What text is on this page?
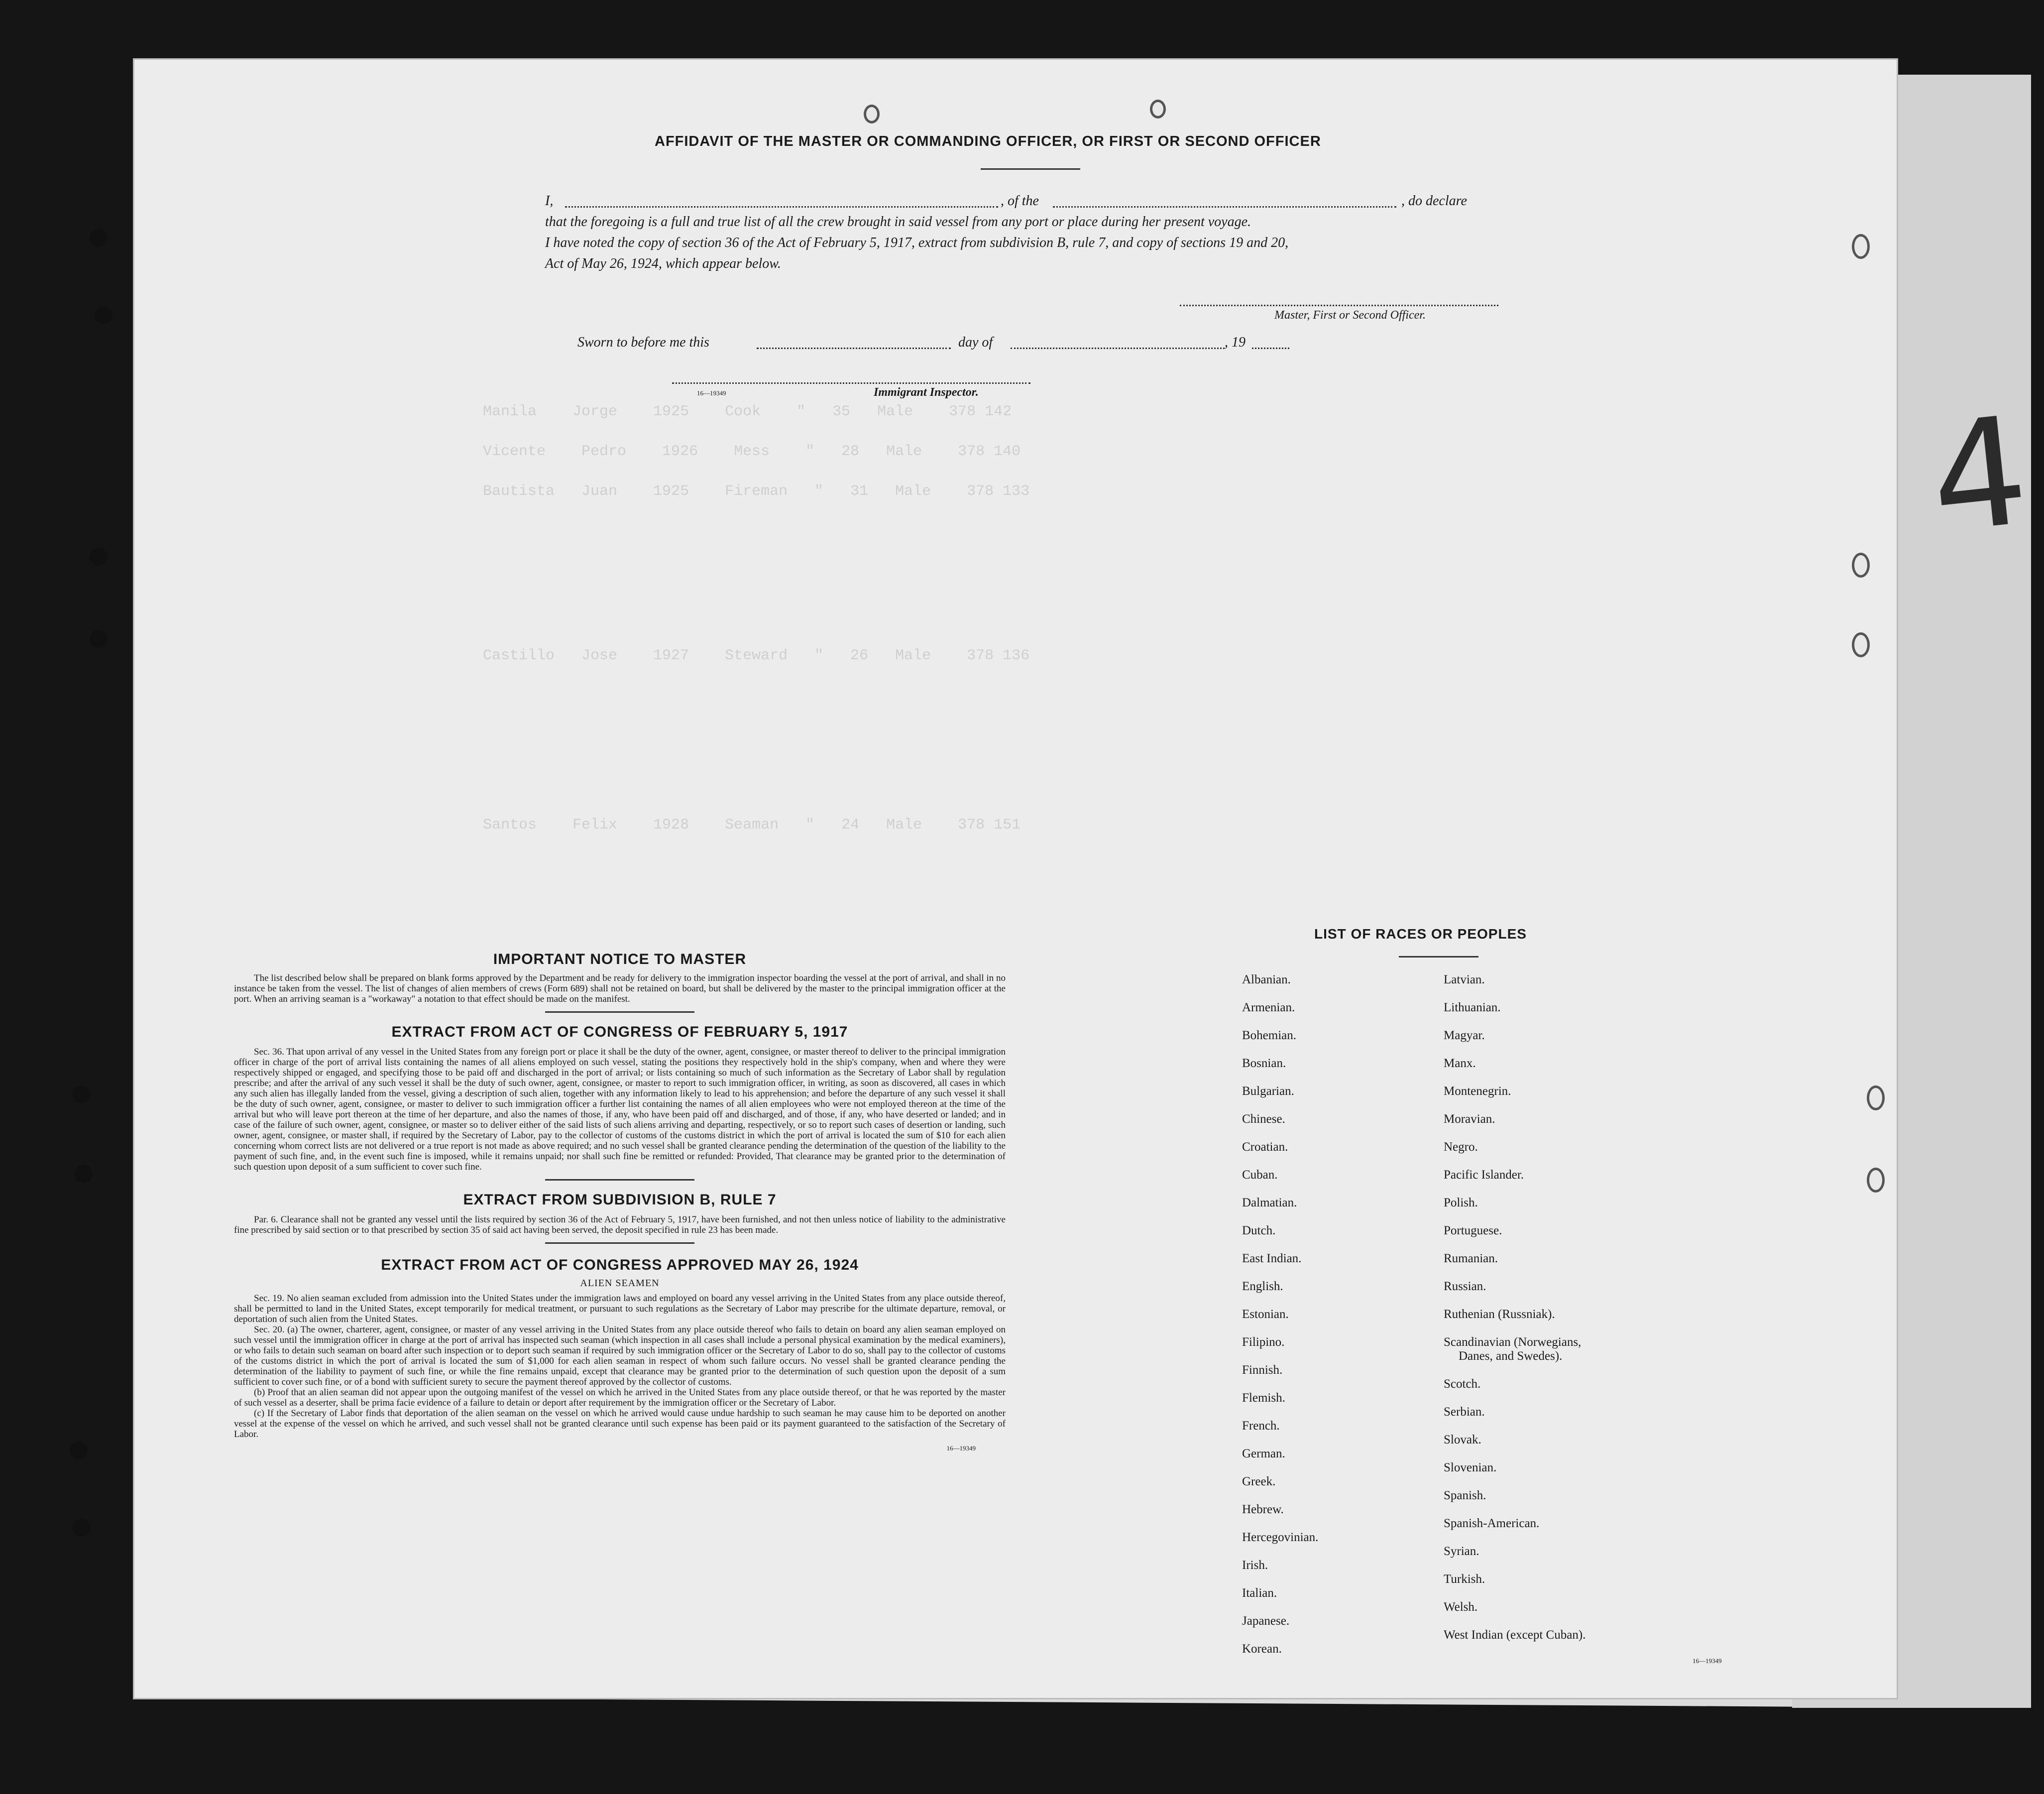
Manila    Jorge    1925    Cook    "   35   Male    378 142
Vicente    Pedro    1926    Mess    "   28   Male    378 140
Bautista   Juan    1925    Fireman   "   31   Male    378 133
Castillo   Jose    1927    Steward   "   26   Male    378 136
Santos    Felix    1928    Seaman   "   24   Male    378 151
AFFIDAVIT OF THE MASTER OR COMMANDING OFFICER, OR FIRST OR SECOND OFFICER
I,	, of the	, do declare
that the foregoing is a full and true list of all the crew brought in said vessel from any port or place during her present voyage.
I have noted the copy of section 36 of the Act of February 5, 1917, extract from subdivision B, rule 7, and copy of sections 19 and 20,
Act of May 26, 1924, which appear below.
Master, First or Second Officer.
Sworn to before me this	day of	, 19
16—19349	Immigrant Inspector.
IMPORTANT NOTICE TO MASTER
The list described below shall be prepared on blank forms approved by the Department and be ready for delivery to the immigration inspector boarding the vessel at the port of arrival, and shall in no instance be taken from the vessel. The list of changes of alien members of crews (Form 689) shall not be retained on board, but shall be delivered by the master to the principal immigration officer at the port. When an arriving seaman is a "workaway" a notation to that effect should be made on the manifest.
EXTRACT FROM ACT OF CONGRESS OF FEBRUARY 5, 1917
Sec. 36. That upon arrival of any vessel in the United States from any foreign port or place it shall be the duty of the owner, agent, consignee, or master thereof to deliver to the principal immigration officer in charge of the port of arrival lists containing the names of all aliens employed on such vessel, stating the positions they respectively hold in the ship's company, when and where they were respectively shipped or engaged, and specifying those to be paid off and discharged in the port of arrival; or lists containing so much of such information as the Secretary of Labor shall by regulation prescribe; and after the arrival of any such vessel it shall be the duty of such owner, agent, consignee, or master to report to such immigration officer, in writing, as soon as discovered, all cases in which any such alien has illegally landed from the vessel, giving a description of such alien, together with any information likely to lead to his apprehension; and before the departure of any such vessel it shall be the duty of such owner, agent, consignee, or master to deliver to such immigration officer a further list containing the names of all alien employees who were not employed thereon at the time of the arrival but who will leave port thereon at the time of her departure, and also the names of those, if any, who have been paid off and discharged, and of those, if any, who have deserted or landed; and in case of the failure of such owner, agent, consignee, or master so to deliver either of the said lists of such aliens arriving and departing, respectively, or so to report such cases of desertion or landing, such owner, agent, consignee, or master shall, if required by the Secretary of Labor, pay to the collector of customs of the customs district in which the port of arrival is located the sum of $10 for each alien concerning whom correct lists are not delivered or a true report is not made as above required; and no such vessel shall be granted clearance pending the determination of the question of the liability to the payment of such fine, and, in the event such fine is imposed, while it remains unpaid; nor shall such fine be remitted or refunded: Provided, That clearance may be granted prior to the determination of such question upon deposit of a sum sufficient to cover such fine.
EXTRACT FROM SUBDIVISION B, RULE 7
Par. 6. Clearance shall not be granted any vessel until the lists required by section 36 of the Act of February 5, 1917, have been furnished, and not then unless notice of liability to the administrative fine prescribed by said section or to that prescribed by section 35 of said act having been served, the deposit specified in rule 23 has been made.
EXTRACT FROM ACT OF CONGRESS APPROVED MAY 26, 1924
ALIEN SEAMEN
Sec. 19. No alien seaman excluded from admission into the United States under the immigration laws and employed on board any vessel arriving in the United States from any place outside thereof, shall be permitted to land in the United States, except temporarily for medical treatment, or pursuant to such regulations as the Secretary of Labor may prescribe for the ultimate departure, removal, or deportation of such alien from the United States.
Sec. 20. (a) The owner, charterer, agent, consignee, or master of any vessel arriving in the United States from any place outside thereof who fails to detain on board any alien seaman employed on such vessel until the immigration officer in charge at the port of arrival has inspected such seaman (which inspection in all cases shall include a personal physical examination by the medical examiners), or who fails to detain such seaman on board after such inspection or to deport such seaman if required by such immigration officer or the Secretary of Labor to do so, shall pay to the collector of customs of the customs district in which the port of arrival is located the sum of $1,000 for each alien seaman in respect of whom such failure occurs. No vessel shall be granted clearance pending the determination of the liability to payment of such fine, or while the fine remains unpaid, except that clearance may be granted prior to the determination of such question upon the deposit of a sum sufficient to cover such fine, or of a bond with sufficient surety to secure the payment thereof approved by the collector of customs.
(b) Proof that an alien seaman did not appear upon the outgoing manifest of the vessel on which he arrived in the United States from any place outside thereof, or that he was reported by the master of such vessel as a deserter, shall be prima facie evidence of a failure to detain or deport after requirement by the immigration officer or the Secretary of Labor.
(c) If the Secretary of Labor finds that deportation of the alien seaman on the vessel on which he arrived would cause undue hardship to such seaman he may cause him to be deported on another vessel at the expense of the vessel on which he arrived, and such vessel shall not be granted clearance until such expense has been paid or its payment guaranteed to the satisfaction of the Secretary of Labor.
16—19349
LIST OF RACES OR PEOPLES
Albanian.
Armenian.
Bohemian.
Bosnian.
Bulgarian.
Chinese.
Croatian.
Cuban.
Dalmatian.
Dutch.
East Indian.
English.
Estonian.
Filipino.
Finnish.
Flemish.
French.
German.
Greek.
Hebrew.
Hercegovinian.
Irish.
Italian.
Japanese.
Korean.
Latvian.
Lithuanian.
Magyar.
Manx.
Montenegrin.
Moravian.
Negro.
Pacific Islander.
Polish.
Portuguese.
Rumanian.
Russian.
Ruthenian (Russniak).
Scandinavian (Norwegians,
Danes, and Swedes).
Scotch.
Serbian.
Slovak.
Slovenian.
Spanish.
Spanish-American.
Syrian.
Turkish.
Welsh.
West Indian (except Cuban).
16—19349
4
